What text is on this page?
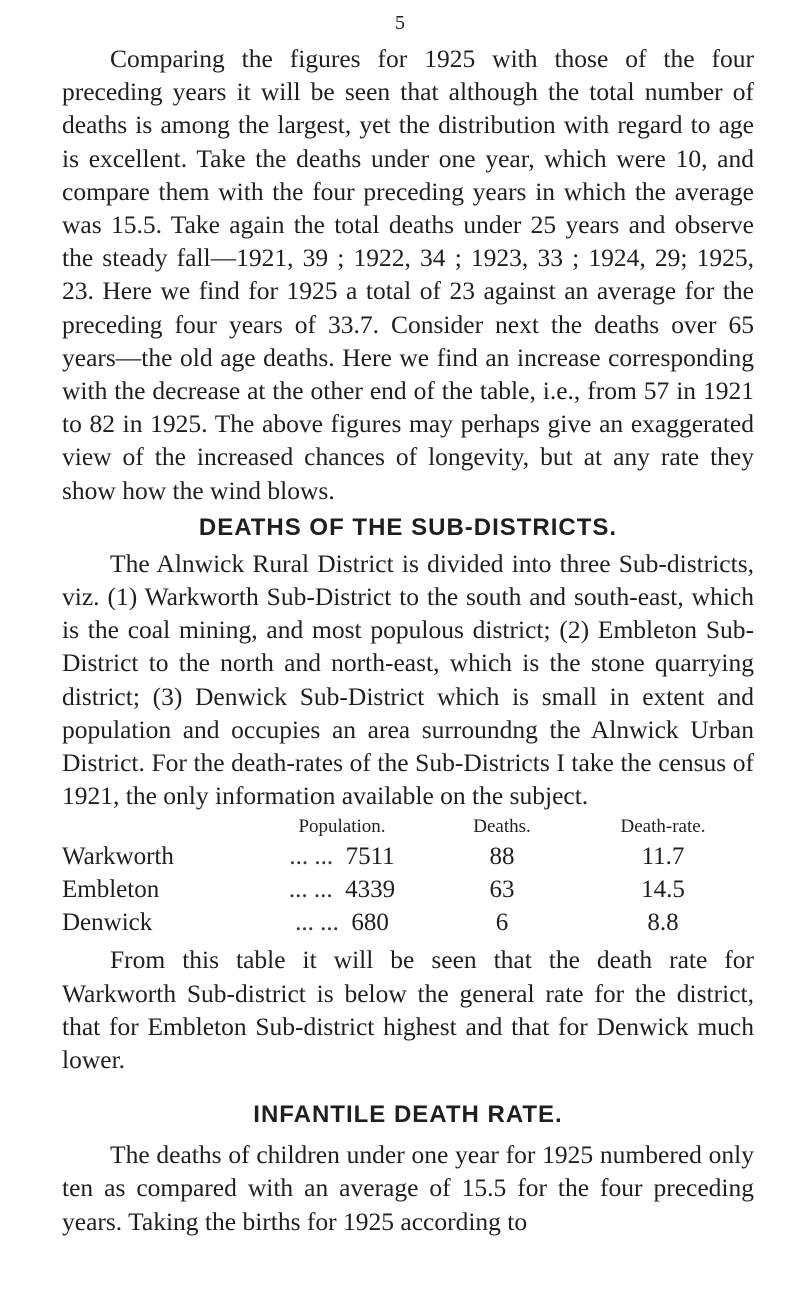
5

Comparing the figures for 1925 with those of the four preceding years it will be seen that although the total number of deaths is among the largest, yet the distribution with regard to age is excellent. Take the deaths under one year, which were 10, and compare them with the four preceding years in which the average was 15.5. Take again the total deaths under 25 years and observe the steady fall—1921, 39 ; 1922, 34 ; 1923, 33 ; 1924, 29; 1925, 23. Here we find for 1925 a total of 23 against an average for the preceding four years of 33.7. Consider next the deaths over 65 years—the old age deaths. Here we find an increase corresponding with the decrease at the other end of the table, i.e., from 57 in 1921 to 82 in 1925. The above figures may perhaps give an exaggerated view of the increased chances of longevity, but at any rate they show how the wind blows.

DEATHS OF THE SUB-DISTRICTS.

The Alnwick Rural District is divided into three Sub-districts, viz. (1) Warkworth Sub-District to the south and south-east, which is the coal mining, and most populous district; (2) Embleton Sub-District to the north and north-east, which is the stone quarrying district; (3) Denwick Sub-District which is small in extent and population and occupies an area surroundng the Alnwick Urban District. For the death-rates of the Sub-Districts I take the census of 1921, the only information available on the subject.

	Population.	Deaths.	Death-rate.
Warkworth	... ... 7511	88	11.7
Embleton	... ... 4339	63	14.5
Denwick	... ... 680	6	8.8

From this table it will be seen that the death rate for Warkworth Sub-district is below the general rate for the district, that for Embleton Sub-district highest and that for Denwick much lower.

INFANTILE DEATH RATE.

The deaths of children under one year for 1925 numbered only ten as compared with an average of 15.5 for the four preceding years. Taking the births for 1925 according to
